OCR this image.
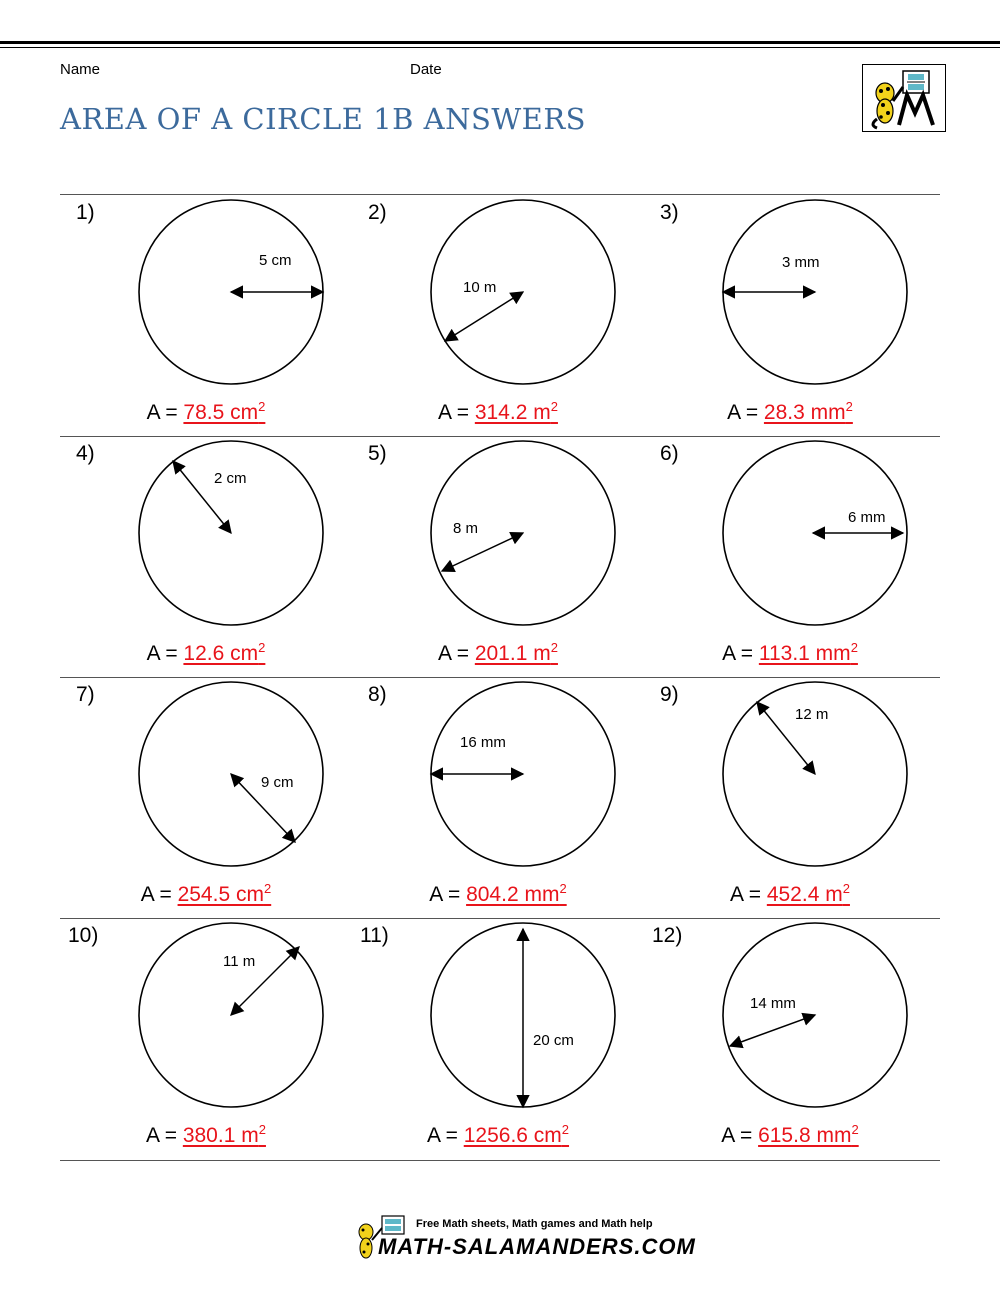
Name	Date
AREA OF A CIRCLE 1B ANSWERS
1)
5 cm
A = 78.5 $cm^2$
2)
10 m
A = 314.2 $m^2$
3)
3 mm
A = 28.3 $mm^2$
4)
2 cm
A = 12.6 $cm^2$
5)
8 m
A = 201.1 $m^2$
6)
6 mm
A = 113.1 $mm^2$
7)
9 cm
A = 254.5 $cm^2$
8)
16 mm
A = 804.2 $mm^2$
9)
12 m
A = 452.4 $m^2$
10)
11 m
A = 380.1 $m^2$
11)
20 cm
A = 1256.6 $cm^2$
12)
14 mm
A = 615.8 $mm^2$
Free Math sheets, Math games and Math help
MATH-SALAMANDERS.COM
